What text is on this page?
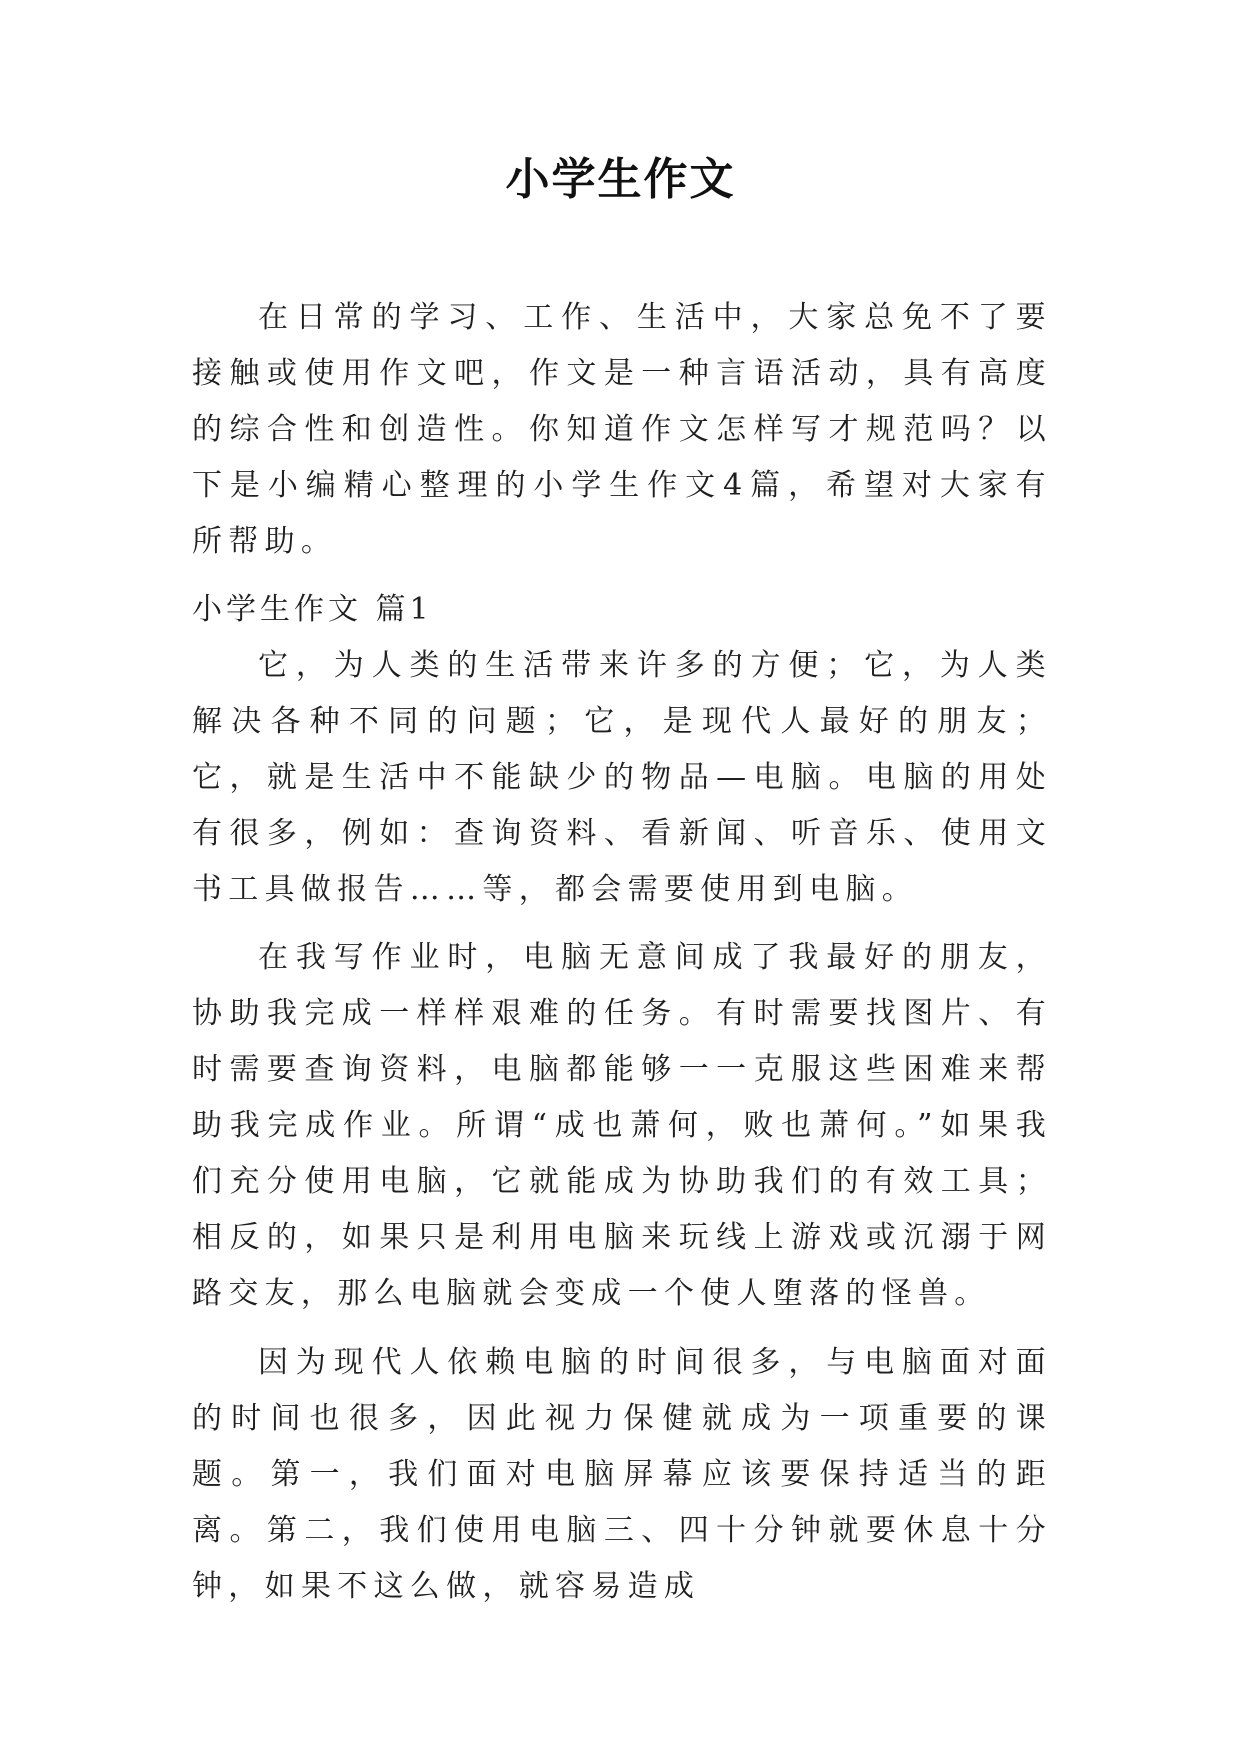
小学生作文

在日常的学习、工作、生活中，大家总免不了要接触或使用作文吧，作文是一种言语活动，具有高度的综合性和创造性。你知道作文怎样写才规范吗？以下是小编精心整理的小学生作文4篇，希望对大家有所帮助。

小学生作文 篇1

它，为人类的生活带来许多的方便；它，为人类解决各种不同的问题；它，是现代人最好的朋友；它，就是生活中不能缺少的物品—电脑。电脑的用处有很多，例如：查询资料、看新闻、听音乐、使用文书工具做报告……等，都会需要使用到电脑。

在我写作业时，电脑无意间成了我最好的朋友，协助我完成一样样艰难的任务。有时需要找图片、有时需要查询资料，电脑都能够一一克服这些困难来帮助我完成作业。所谓“成也萧何，败也萧何。”如果我们充分使用电脑，它就能成为协助我们的有效工具；相反的，如果只是利用电脑来玩线上游戏或沉溺于网路交友，那么电脑就会变成一个使人堕落的怪兽。

因为现代人依赖电脑的时间很多，与电脑面对面的时间也很多，因此视力保健就成为一项重要的课题。第一，我们面对电脑屏幕应该要保持适当的距离。第二，我们使用电脑三、四十分钟就要休息十分钟，如果不这么做，就容易造成
